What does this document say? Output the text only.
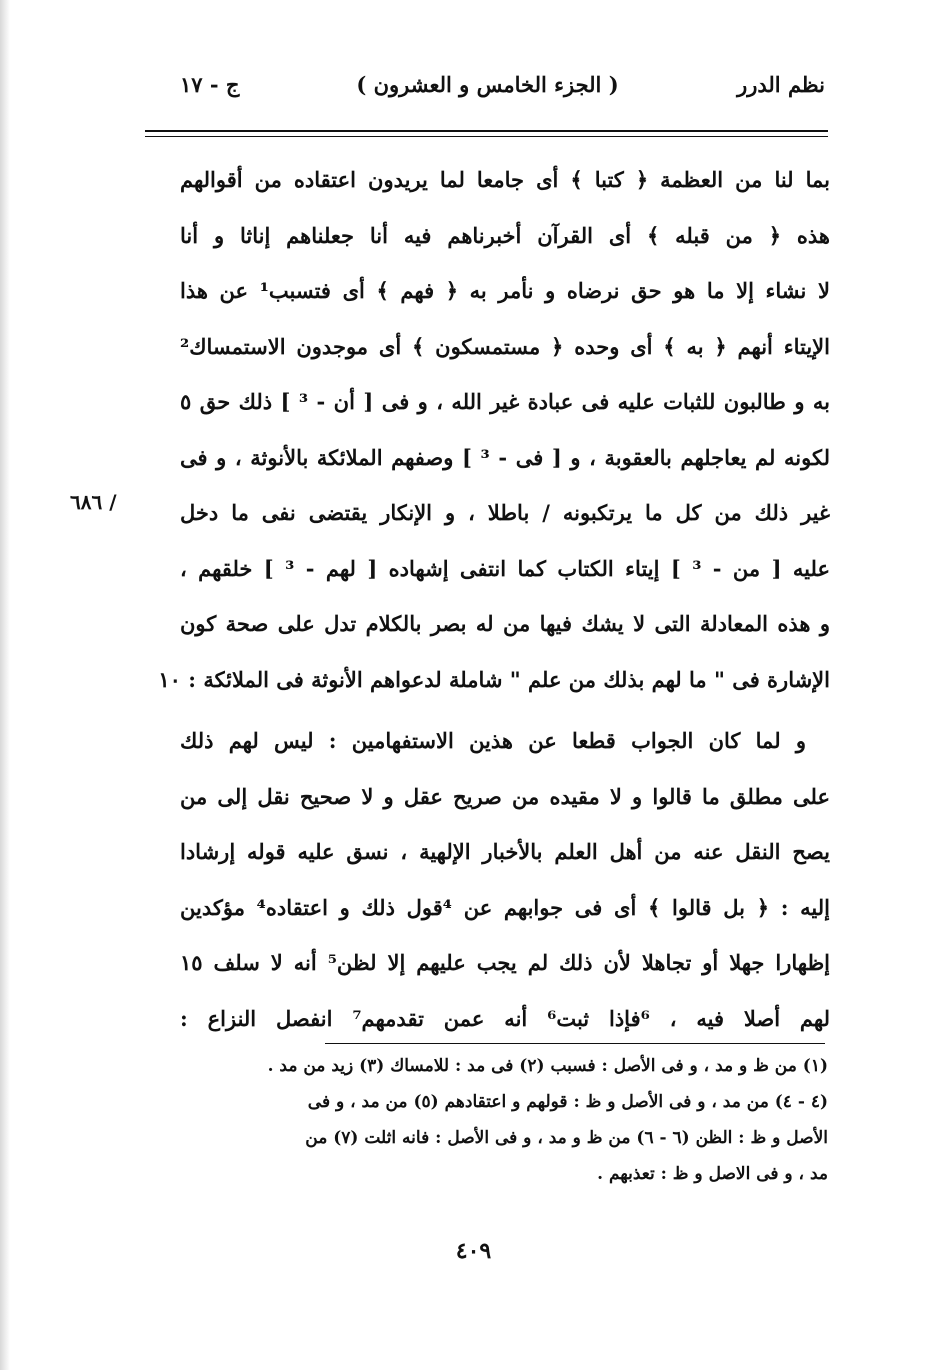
نظم الدرر
( الجزء الخامس و العشرون )
ج - ١٧
بما لنا من العظمة ﴿ كتبا ﴾ أى جامعا لما يريدون اعتقاده من أقوالهم
هذه ﴿ من قبله ﴾ أى القرآن أخبرناهم فيه أنا جعلناهم إناثا و أنا
لا نشاء إلا ما هو حق نرضاه و نأمر به ﴿ فهم ﴾ أى فتسبب¹ عن هذا
الإيتاء أنهم ﴿ به ﴾ أى وحده ﴿ مستمسكون ﴾ أى موجدون الاستمساك²
به و طالبون للثبات عليه فى عبادة غير الله ، و فى [ أن - ³ ] ذلك حق ٥
لكونه لم يعاجلهم بالعقوبة ، و [ فى - ³ ] وصفهم الملائكة بالأنوثة ، و فى
غير ذلك من كل ما يرتكبونه / باطلا ، و الإنكار يقتضى نفى ما دخل
عليه [ من - ³ ] إيتاء الكتاب كما انتفى إشهاده [ لهم - ³ ] خلقهم ،
و هذه المعادلة التى لا يشك فيها من له بصر بالكلام تدل على صحة كون
الإشارة فى " ما لهم بذلك من علم " شاملة لدعواهم الأنوثة فى الملائكة : ١٠
و لما كان الجواب قطعا عن هذين الاستفهامين : ليس لهم ذلك
على مطلق ما قالوا و لا مقيده من صريح عقل و لا صحيح نقل إلى من
يصح النقل عنه من أهل العلم بالأخبار الإلهية ، نسق عليه قوله إرشادا
إليه : ﴿ بل قالوا ﴾ أى فى جوابهم عن ⁴قول ذلك و اعتقاده⁴ مؤكدين
إظهارا جهلا أو تجاهلا لأن ذلك لم يجب عليهم إلا لظن⁵ أنه لا سلف ١٥
لهم أصلا فيه ، ⁶فإذا ثبت⁶ أنه عمن تقدمهم⁷ انفصل النزاع :
/ ٦٨٦
(١) من ظ و مد ، و فى الأصل : فسبب (٢) فى مد : للامساك (٣) زيد من مد .
(٤ - ٤) من مد ، و فى الأصل و ظ : قولهم و اعتقادهم (٥) من مد ، و فى
الأصل و ظ : الظن (٦ - ٦) من ظ و مد ، و فى الأصل : فانه اثلت (٧) من
مد ، و فى الاصل و ظ : تعذبهم .
٤٠٩
